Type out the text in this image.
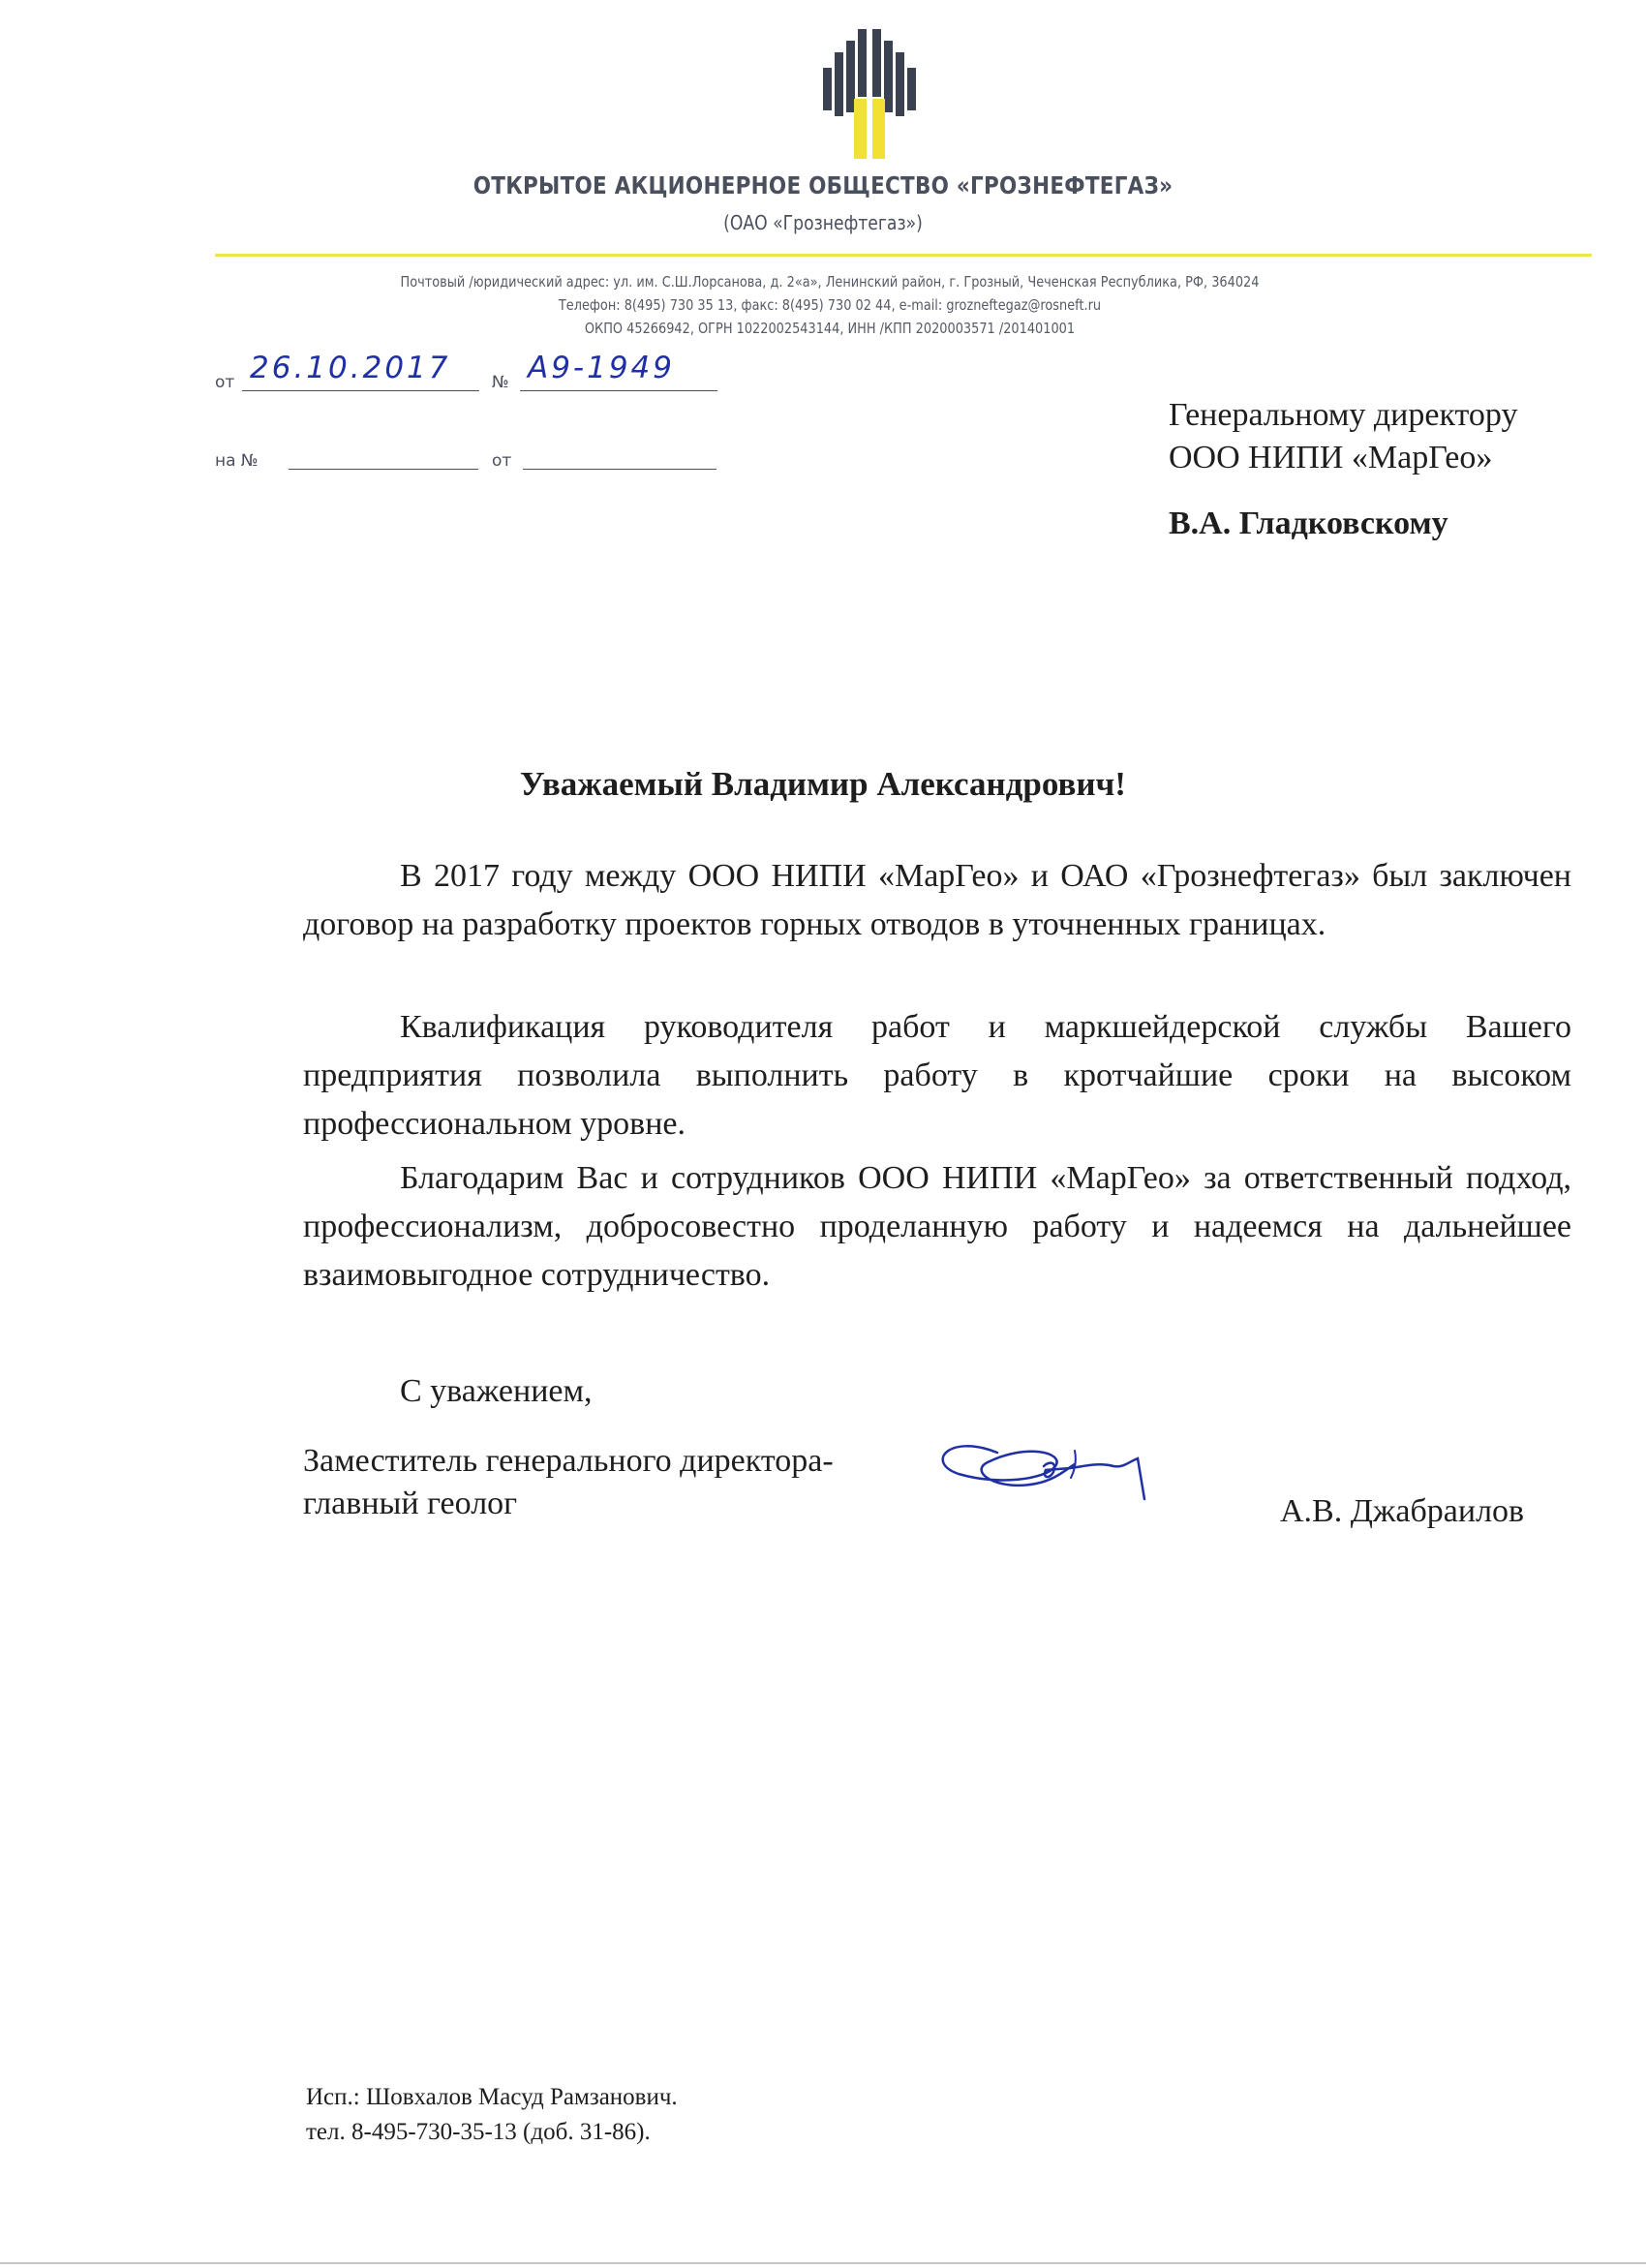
ОТКРЫТОЕ АКЦИОНЕРНОЕ ОБЩЕСТВО «ГРОЗНЕФТЕГАЗ»
(ОАО «Грознефтегаз»)
Почтовый /юридический адрес: ул. им. С.Ш.Лорсанова, д. 2«а», Ленинский район, г. Грозный, Чеченская Республика, РФ, 364024
Телефон: 8(495) 730 35 13, факс: 8(495) 730 02 44, e-mail: grozneftegaz@rosneft.ru
ОКПО 45266942, ОГРН 1022002543144, ИНН /КПП 2020003571 /201401001
от 26.10.2017	№ А9-1949
на №	от
Генеральному директору
ООО НИПИ «МарГео»
В.А. Гладковскому
Уважаемый Владимир Александрович!

В 2017 году между ООО НИПИ «МарГео» и ОАО «Грознефтегаз» был заключен договор на разработку проектов горных отводов в уточненных границах.

Квалификация руководителя работ и маркшейдерской службы Вашего предприятия позволила выполнить работу в кротчайшие сроки на высоком профессиональном уровне.

Благодарим Вас и сотрудников ООО НИПИ «МарГео» за ответственный подход, профессионализм, добросовестно проделанную работу и надеемся на дальнейшее взаимовыгодное сотрудничество.

С уважением,
Заместитель генерального директора-
главный геолог	А.В. Джабраилов
Исп.: Шовхалов Масуд Рамзанович.
тел. 8-495-730-35-13 (доб. 31-86).
